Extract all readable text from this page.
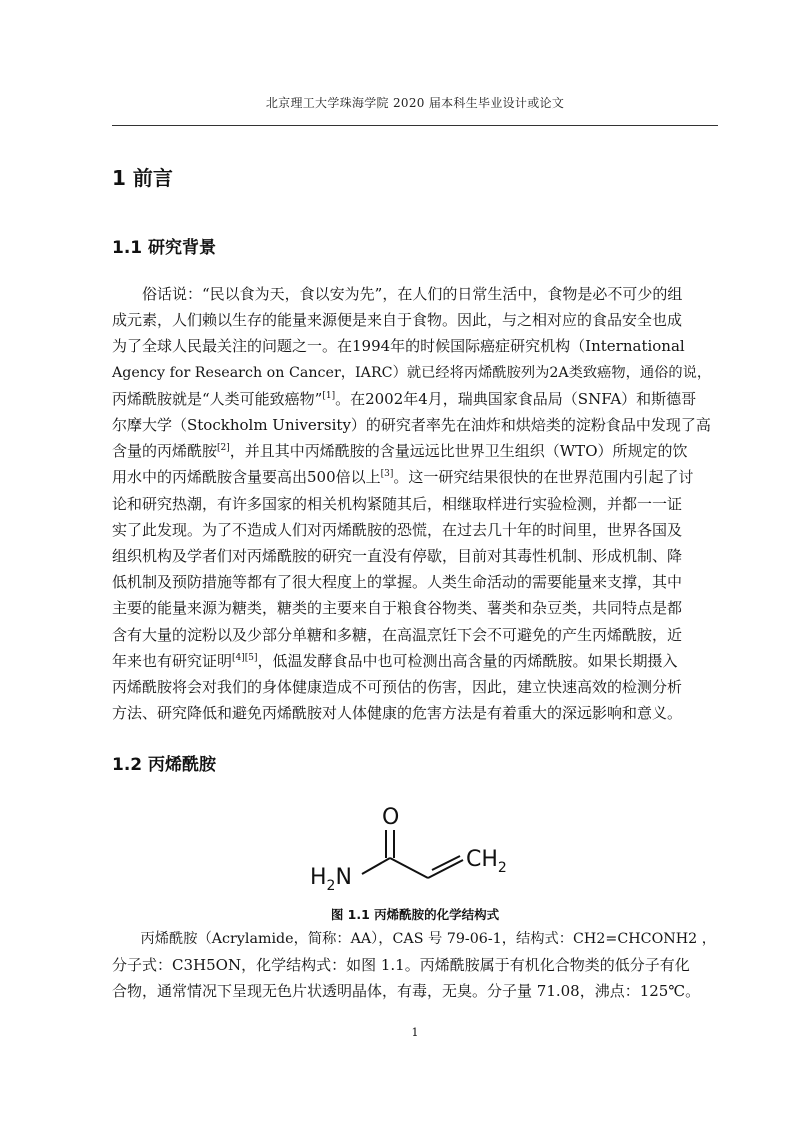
北京理工大学珠海学院 2020 届本科生毕业设计或论文
1 前言
1.1 研究背景

　　俗话说：“民以食为天，食以安为先”，在人们的日常生活中，食物是必不可少的组
成元素，人们赖以生存的能量来源便是来自于食物。因此，与之相对应的食品安全也成
为了全球人民最关注的问题之一。在1994年的时候国际癌症研究机构（International
Agency for Research on Cancer，IARC）就已经将丙烯酰胺列为2A类致癌物，通俗的说，
丙烯酰胺就是“人类可能致癌物”[1]。在2002年4月，瑞典国家食品局（SNFA）和斯德哥
尔摩大学（Stockholm University）的研究者率先在油炸和烘焙类的淀粉食品中发现了高
含量的丙烯酰胺[2]，并且其中丙烯酰胺的含量远远比世界卫生组织（WTO）所规定的饮
用水中的丙烯酰胺含量要高出500倍以上[3]。这一研究结果很快的在世界范围内引起了讨
论和研究热潮，有许多国家的相关机构紧随其后，相继取样进行实验检测，并都一一证
实了此发现。为了不造成人们对丙烯酰胺的恐慌，在过去几十年的时间里，世界各国及
组织机构及学者们对丙烯酰胺的研究一直没有停歇，目前对其毒性机制、形成机制、降
低机制及预防措施等都有了很大程度上的掌握。人类生命活动的需要能量来支撑，其中
主要的能量来源为糖类，糖类的主要来自于粮食谷物类、薯类和杂豆类，共同特点是都
含有大量的淀粉以及少部分单糖和多糖，在高温烹饪下会不可避免的产生丙烯酰胺，近
年来也有研究证明[4][5]，低温发酵食品中也可检测出高含量的丙烯酰胺。如果长期摄入
丙烯酰胺将会对我们的身体健康造成不可预估的伤害，因此，建立快速高效的检测分析
方法、研究降低和避免丙烯酰胺对人体健康的危害方法是有着重大的深远影响和意义。

1.2 丙烯酰胺
O
$H_2N$
$CH_2$

图 1.1 丙烯酰胺的化学结构式

　　丙烯酰胺（Acrylamide，简称：AA），CAS 号 79-06-1，结构式：CH2=CHCONH2 ，
分子式：C3H5ON，化学结构式：如图 1.1。丙烯酰胺属于有机化合物类的低分子有化
合物，通常情况下呈现无色片状透明晶体，有毒，无臭。分子量 71.08，沸点：125℃。

1
